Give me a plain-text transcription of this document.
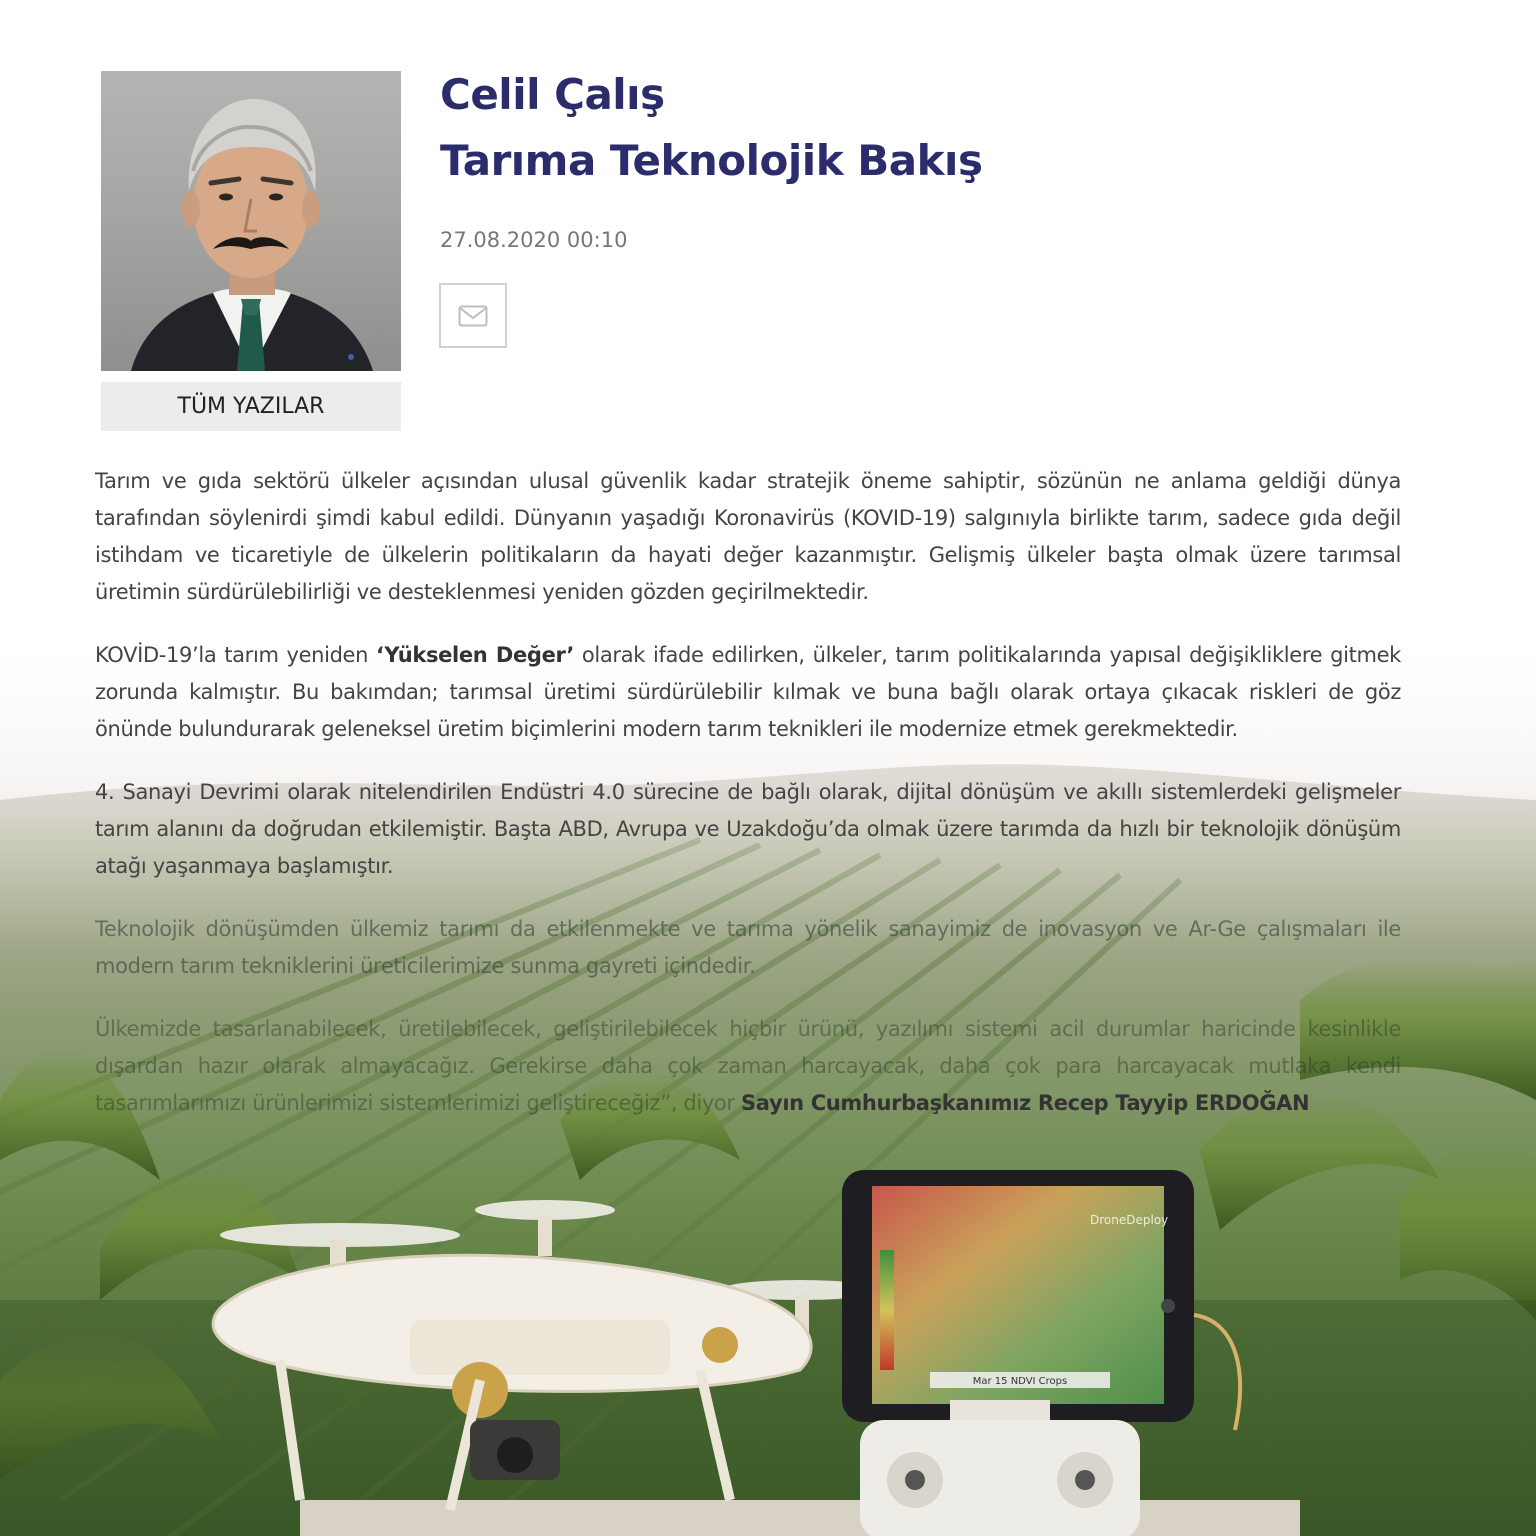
Mar 15 NDVI Crops
DroneDeploy
TÜM YAZILAR
Celil Çalış
Tarıma Teknolojik Bakış
27.08.2020 00:10

Tarım ve gıda sektörü ülkeler açısından ulusal güvenlik kadar stratejik öneme sahiptir, sözünün ne anlama geldiği dünya tarafından söylenirdi şimdi kabul edildi. Dünyanın yaşadığı Koronavirüs (KOVID-19) salgınıyla birlikte tarım, sadece gıda değil istihdam ve ticaretiyle de ülkelerin politikaların da hayati değer kazanmıştır. Gelişmiş ülkeler başta olmak üzere tarımsal üretimin sürdürülebilirliği ve desteklenmesi yeniden gözden geçirilmektedir.

KOVİD-19’la tarım yeniden ‘Yükselen Değer’ olarak ifade edilirken, ülkeler, tarım politikalarında yapısal değişikliklere gitmek zorunda kalmıştır. Bu bakımdan; tarımsal üretimi sürdürülebilir kılmak ve buna bağlı olarak ortaya çıkacak riskleri de göz önünde bulundurarak geleneksel üretim biçimlerini modern tarım teknikleri ile modernize etmek gerekmektedir.

4. Sanayi Devrimi olarak nitelendirilen Endüstri 4.0 sürecine de bağlı olarak, dijital dönüşüm ve akıllı sistemlerdeki gelişmeler tarım alanını da doğrudan etkilemiştir. Başta ABD, Avrupa ve Uzakdoğu’da olmak üzere tarımda da hızlı bir teknolojik dönüşüm atağı yaşanmaya başlamıştır.

Teknolojik dönüşümden ülkemiz tarımı da etkilenmekte ve tarıma yönelik sanayimiz de inovasyon ve Ar-Ge çalışmaları ile modern tarım tekniklerini üreticilerimize sunma gayreti içindedir.

Ülkemizde tasarlanabilecek, üretilebilecek, geliştirilebilecek hiçbir ürünü, yazılımı sistemi acil durumlar haricinde kesinlikle dışardan hazır olarak almayacağız. Gerekirse daha çok zaman harcayacak, daha çok para harcayacak mutlaka kendi tasarımlarımızı ürünlerimizi sistemlerimizi geliştireceğiz”, diyor Sayın Cumhurbaşkanımız Recep Tayyip ERDOĞAN
